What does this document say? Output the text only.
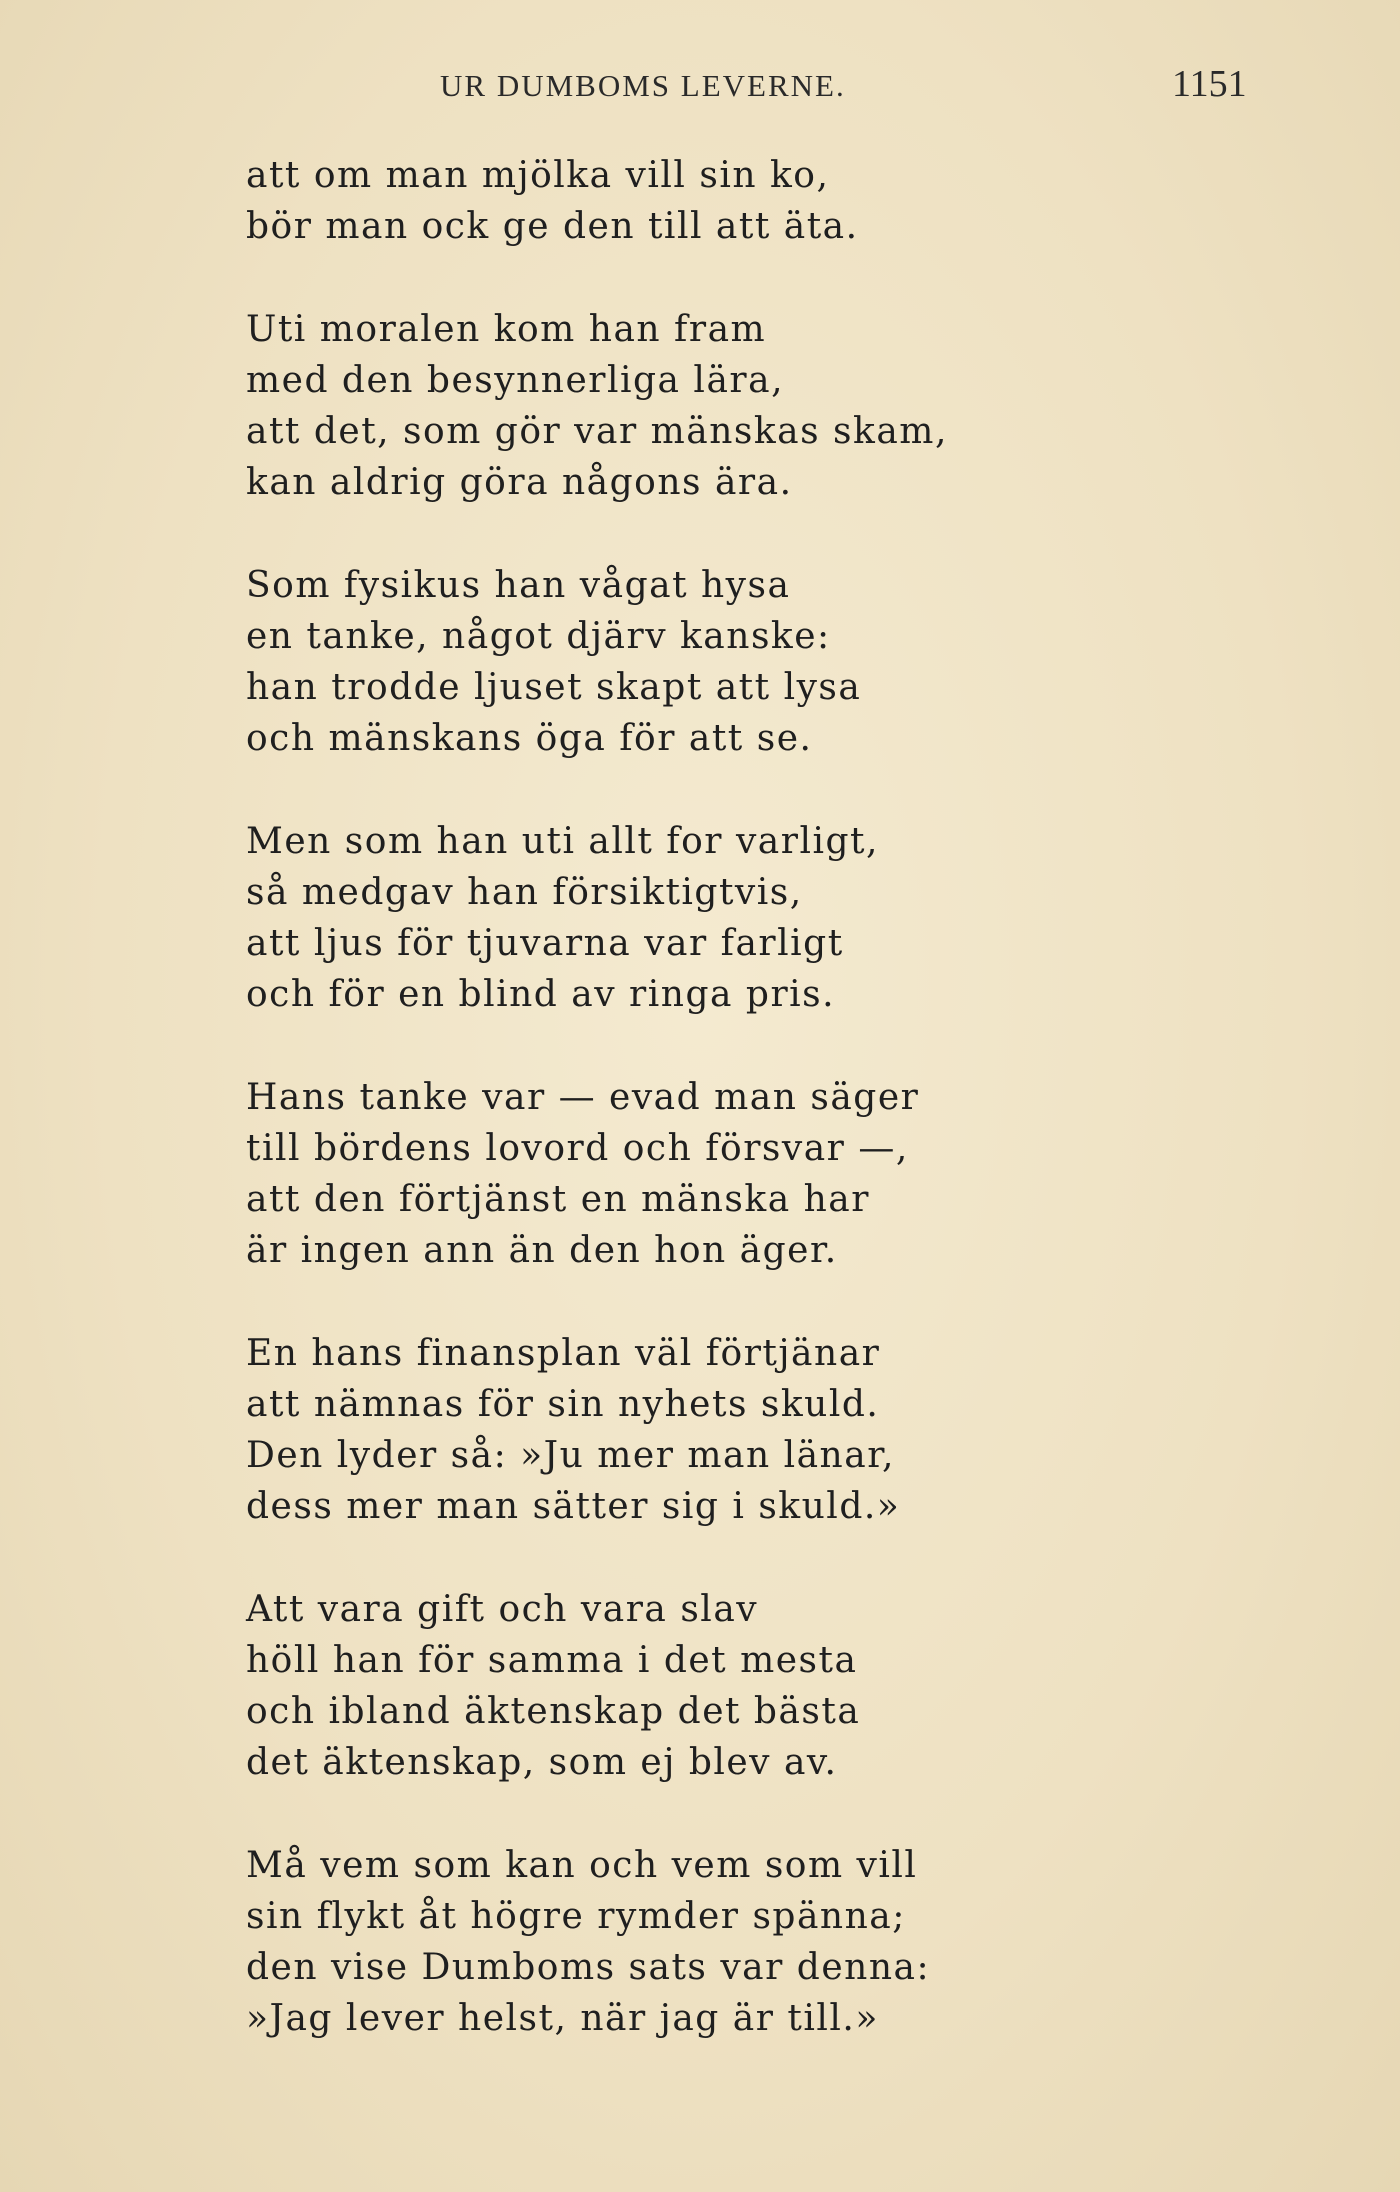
UR DUMBOMS LEVERNE.	1151
att om man mjölka vill sin ko,
bör man ock ge den till att äta.
Uti moralen kom han fram
med den besynnerliga lära,
att det, som gör var mänskas skam,
kan aldrig göra någons ära.
Som fysikus han vågat hysa
en tanke, något djärv kanske:
han trodde ljuset skapt att lysa
och mänskans öga för att se.
Men som han uti allt for varligt,
så medgav han försiktigtvis,
att ljus för tjuvarna var farligt
och för en blind av ringa pris.
Hans tanke var — evad man säger
till bördens lovord och försvar —,
att den förtjänst en mänska har
är ingen ann än den hon äger.
En hans finansplan väl förtjänar
att nämnas för sin nyhets skuld.
Den lyder så: »Ju mer man länar,
dess mer man sätter sig i skuld.»
Att vara gift och vara slav
höll han för samma i det mesta
och ibland äktenskap det bästa
det äktenskap, som ej blev av.
Må vem som kan och vem som vill
sin flykt åt högre rymder spänna;
den vise Dumboms sats var denna:
»Jag lever helst, när jag är till.»
